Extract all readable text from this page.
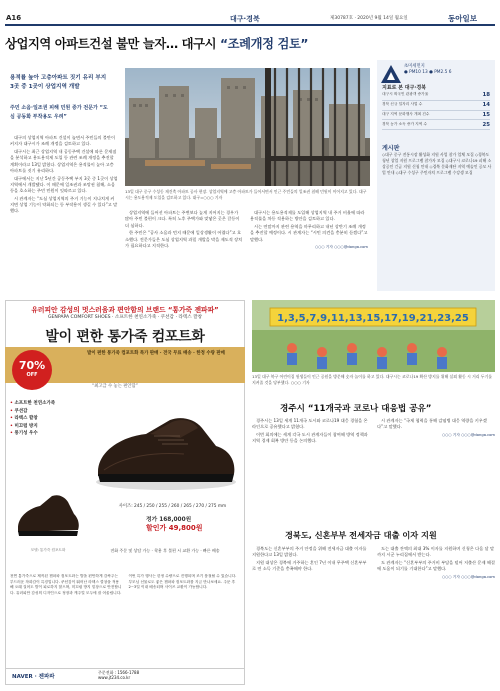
A16	대구·경북	제30787호 · 2020년 9월 14일 월요일	동아일보
상업지역 아파트건설 불만 늘자… 대구시 “조례개정 검토”
용적률 높아 고층아파트 짓기 유리 부지 3곳 중 1곳이 상업지역 개발
주민 소음·일조권 피해 민원 증가 전문가 “도심 공동화 부작용도 우려”

대구의 상업지역 아파트 건설이 늘면서 주민들의 불만이 커지자 대구시가 조례 개정을 검토하고 있다.

대구시는 최근 상업지역 내 공동주택 건설에 따른 문제점을 분석하고 용도용적제 도입 등 관련 조례 개정을 추진할 계획이라고 13일 밝혔다. 상업지역은 용적률이 높아 고층 아파트를 짓기 유리하다.

대구에서는 지난 5년간 공동주택 부지 3곳 중 1곳이 상업지역에서 개발됐다. 이 때문에 일조권과 조망권 침해, 소음 등을 호소하는 주민 민원이 잇따르고 있다.

시 관계자는 “도심 상업지역의 주거 기능이 지나치게 커지면 상업 기능이 약화되는 등 부작용이 생길 수 있다”고 말했다.

13일 대구 중구 수성동 재건축 아파트 공사 현장. 상업지역에 고층 아파트가 들어서면서 인근 주민들의 일조권 침해 민원이 이어지고 있다. 대구시는 용도용적제 도입을 검토하고 있다. 대구=○○○ 기자

상업지역에 들어선 아파트는 주변보다 높게 지어지는 경우가 많아 주민 불편이 크다. 특히 노후 주택가와 맞닿은 곳은 갈등이 더 심하다.

한 주민은 “공사 소음과 먼지 때문에 일상생활이 어렵다”고 호소했다. 전문가들은 도심 상업지역 과밀 개발을 막을 제도적 장치가 필요하다고 지적한다.

대구시는 용도용적제를 도입해 상업지역 내 주거 비율에 따라 용적률을 차등 적용하는 방안을 검토하고 있다.

시는 연말까지 관련 용역을 마무리하고 내년 상반기 조례 개정을 추진할 예정이다. 시 관계자는 “시민 의견을 충분히 듣겠다”고 말했다.

○○○ 기자 ○○○@donga.com
초미세먼지
● PM10 13 ● PM2.5 6
지표로 본 대구·경북
대구시 외국인 관광객 증가율	18
경북 신규 일자리 사업 수	14
대구 지역 문화행사 개최 건수	15
경북 농가 소득 증가 지역 수	25
게시판
◇대구 중구 전통시장 활성화 지원 사업 참가 업체 모집 ◇경북도 청년 창업 지원 프로그램 참가자 모집 ◇대구시 코로나19 피해 소상공인 긴급 지원 신청 안내 ◇경북 문화재단 지역 예술인 공모 사업 안내 ◇대구 수성구 주민자치 프로그램 수강생 모집
유러피안 감성의 멋스러움과 편안함의 브랜드 “통가죽 젠파파”
GENPAPA COMFORT SHOES · 소프트한 천연소가죽 · 쿠션감 · 라텍스 깔창
발이 편한 통가죽 컴포트화
발이 편한 통가죽 컴포트화 특가 판매 · 전국 무료 배송 · 한정 수량 판매
70%
OFF
“최고급 수 놓는 편안함”
• 소프트한 천연소가죽
• 쿠션감
• 라텍스 깔창
• 미끄럼 방지
• 통기성 우수
사이즈: 245 / 250 / 255 / 260 / 265 / 270 / 275 mm
정가 168,000원
할인가 49,800원
모델: 통가죽 컴포트화	전화 주문 및 상담 가능 · 착용 후 불편 시 교환 가능 · 빠른 배송
천연 통가죽으로 제작된 젠파파 컴포트화는 발을 편안하게 감싸주는 부드러운 착화감이 특징입니다. 쿠션감이 뛰어난 라텍스 깔창을 적용해 오래 걸어도 발이 피로하지 않으며, 미끄럼 방지 밑창으로 안전합니다. 유러피안 감성의 디자인으로 정장과 캐주얼 모두에 잘 어울립니다. 이번 특가 행사는 한정 수량으로 진행되며 조기 품절될 수 있습니다. 부모님 선물로도 좋은 젠파파 컴포트화를 지금 만나보세요. 주문 후 2~3일 이내 배송되며 사이즈 교환이 가능합니다.
NAVER · 젠파파
주문전화 : 1566-1788
www.jt234.co.kr
1,3,5,7,9,11,13,15,17,19,21,23,25
13일 대구 북구 어린이집 원생들이 인근 공원을 방문해 숫자 놀이를 하고 있다. 대구시는 코로나19 확산 방지를 위해 실외 활동 시 거리 두기를 지켜줄 것을 당부했다. ○○○ 기자
경주시 “11개국과 코로나 대응법 공유”

경주시는 13일 세계 11개국 도시와 코로나19 대응 경험을 온라인으로 공유했다고 밝혔다.

이번 회의에는 세계 각국 도시 관계자들이 참여해 방역 정책과 지역 경제 회복 방안 등을 논의했다.

시 관계자는 “국제 협력을 통해 감염병 대응 역량을 키우겠다”고 말했다.

○○○ 기자 ○○○@donga.com
경북도, 신혼부부 전세자금 대출 이자 지원

경북도는 신혼부부의 주거 안정을 위해 전세자금 대출 이자를 지원한다고 13일 밝혔다.

지원 대상은 경북에 거주하는 혼인 7년 이내 무주택 신혼부부로 연 소득 기준을 충족해야 한다.

도는 대출 잔액의 최대 3% 이자를 지원하며 신청은 다음 달 말까지 시군 누리집에서 받는다.

도 관계자는 “신혼부부의 주거비 부담을 덜어 저출산 문제 해결에 도움이 되기를 기대한다”고 말했다.

○○○ 기자 ○○○@donga.com
